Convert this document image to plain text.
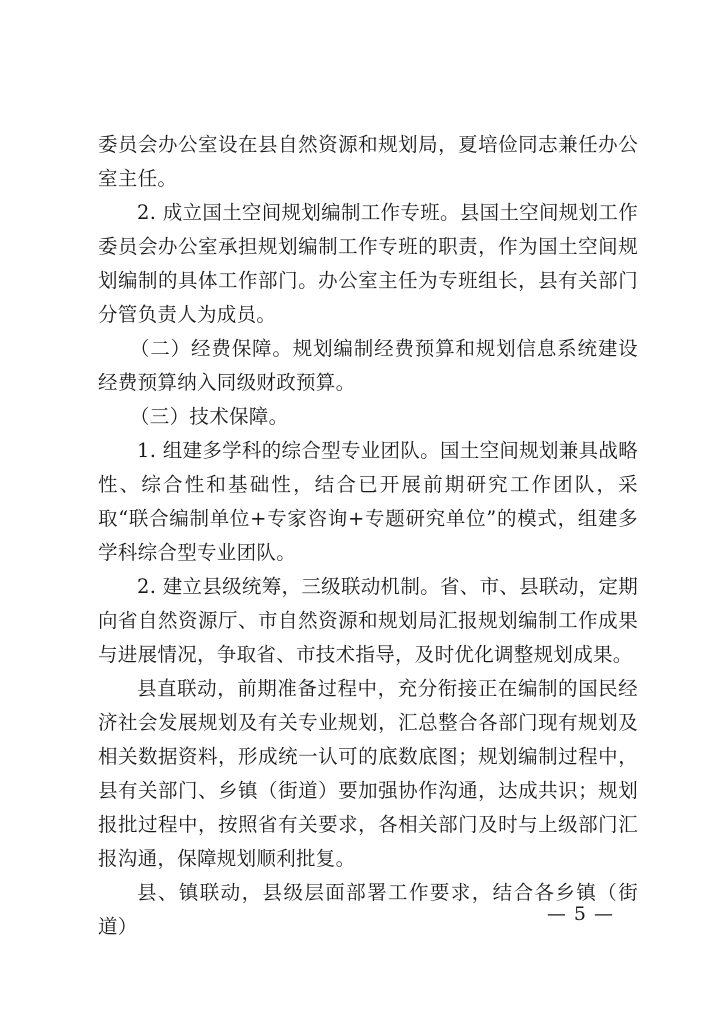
委员会办公室设在县自然资源和规划局，夏培俭同志兼任办公室主任。

2. 成立国土空间规划编制工作专班。县国土空间规划工作委员会办公室承担规划编制工作专班的职责，作为国土空间规划编制的具体工作部门。办公室主任为专班组长，县有关部门分管负责人为成员。

（二）经费保障。规划编制经费预算和规划信息系统建设经费预算纳入同级财政预算。

（三）技术保障。

1. 组建多学科的综合型专业团队。国土空间规划兼具战略性、综合性和基础性，结合已开展前期研究工作团队，采取“联合编制单位+专家咨询+专题研究单位”的模式，组建多学科综合型专业团队。

2. 建立县级统筹，三级联动机制。省、市、县联动，定期向省自然资源厅、市自然资源和规划局汇报规划编制工作成果与进展情况，争取省、市技术指导，及时优化调整规划成果。

县直联动，前期准备过程中，充分衔接正在编制的国民经济社会发展规划及有关专业规划，汇总整合各部门现有规划及相关数据资料，形成统一认可的底数底图；规划编制过程中，县有关部门、乡镇（街道）要加强协作沟通，达成共识；规划报批过程中，按照省有关要求，各相关部门及时与上级部门汇报沟通，保障规划顺利批复。

县、镇联动，县级层面部署工作要求，结合各乡镇（街道）

— 5 —
